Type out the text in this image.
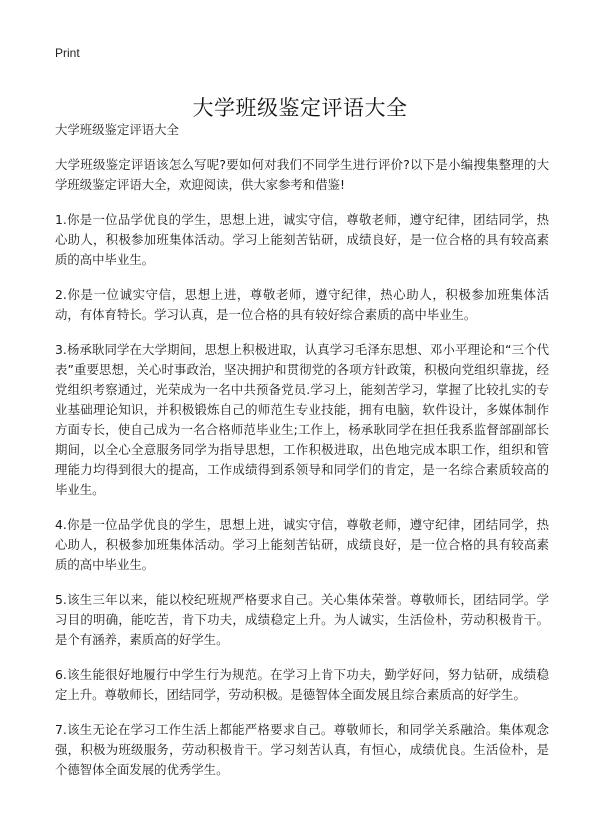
Print
大学班级鉴定评语大全

大学班级鉴定评语大全

大学班级鉴定评语该怎么写呢?要如何对我们不同学生进行评价?以下是小编搜集整理的大学班级鉴定评语大全，欢迎阅读，供大家参考和借鉴!

1.你是一位品学优良的学生，思想上进，诚实守信，尊敬老师，遵守纪律，团结同学，热心助人，积极参加班集体活动。学习上能刻苦钻研，成绩良好，是一位合格的具有较高素质的高中毕业生。

2.你是一位诚实守信，思想上进，尊敬老师，遵守纪律，热心助人，积极参加班集体活动，有体育特长。学习认真，是一位合格的具有较好综合素质的高中毕业生。

3.杨承耿同学在大学期间，思想上积极进取，认真学习毛泽东思想、邓小平理论和“三个代表”重要思想，关心时事政治，坚决拥护和贯彻党的各项方针政策，积极向党组织靠拢，经党组织考察通过，光荣成为一名中共预备党员.学习上，能刻苦学习，掌握了比较扎实的专业基础理论知识，并积极锻炼自己的师范生专业技能，拥有电脑，软件设计，多媒体制作方面专长，使自己成为一名合格师范毕业生;工作上，杨承耿同学在担任我系监督部副部长期间，以全心全意服务同学为指导思想，工作积极进取，出色地完成本职工作，组织和管理能力均得到很大的提高，工作成绩得到系领导和同学们的肯定，是一名综合素质较高的毕业生。

4.你是一位品学优良的学生，思想上进，诚实守信，尊敬老师，遵守纪律，团结同学，热心助人，积极参加班集体活动。学习上能刻苦钻研，成绩良好，是一位合格的具有较高素质的高中毕业生。

5.该生三年以来，能以校纪班规严格要求自己。关心集体荣誉。尊敬师长，团结同学。学习目的明确，能吃苦，肯下功夫，成绩稳定上升。为人诚实，生活俭朴，劳动积极肯干。是个有涵养，素质高的好学生。

6.该生能很好地履行中学生行为规范。在学习上肯下功夫，勤学好问，努力钻研，成绩稳定上升。尊敬师长，团结同学，劳动积极。是德智体全面发展且综合素质高的好学生。

7.该生无论在学习工作生活上都能严格要求自己。尊敬师长，和同学关系融洽。集体观念强，积极为班级服务，劳动积极肯干。学习刻苦认真，有恒心，成绩优良。生活俭朴，是个德智体全面发展的优秀学生。
